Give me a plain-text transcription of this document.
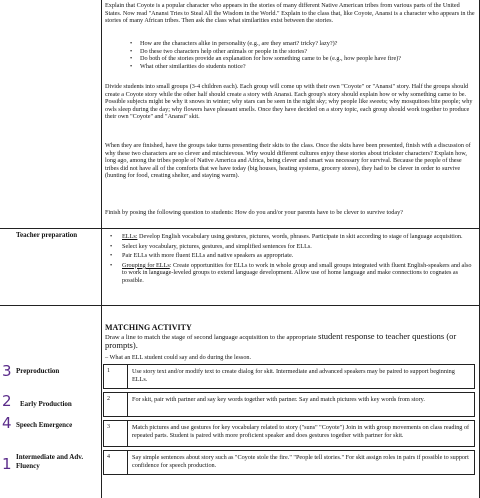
Explain that Coyote is a popular character who appears in the stories of many different Native American tribes from various parts of the United States. Now read "Anansi Tries to Steal All the Wisdom in the World." Explain to the class that, like Coyote, Anansi is a character who appears in the stories of many African tribes. Then ask the class what similarities exist between the stories.
• How are the characters alike in personality (e.g., are they smart? tricky? lazy?)?
• Do these two characters help other animals or people in the stories?
• Do both of the stories provide an explanation for how something came to be (e.g., how people have fire)?
• What other similarities do students notice?
Divide students into small groups (3-4 children each). Each group will come up with their own "Coyote" or "Anansi" story. Half the groups should create a Coyote story while the other half should create a story with Anansi. Each group's story should explain how or why something came to be. Possible subjects might be why it snows in winter; why stars can be seen in the night sky; why people like sweets; why mosquitoes bite people; why owls sleep during the day; why flowers have pleasant smells. Once they have decided on a story topic, each group should work together to produce their own "Coyote" and "Anansi" skit.
When they are finished, have the groups take turns presenting their skits to the class. Once the skits have been presented, finish with a discussion of why these two characters are so clever and mischievous. Why would different cultures enjoy these stories about trickster characters? Explain how, long ago, among the tribes people of Native America and Africa, being clever and smart was necessary for survival. Because the people of these tribes did not have all of the comforts that we have today (big houses, heating systems, grocery stores), they had to be clever in order to survive (hunting for food, creating shelter, and staying warm).
Finish by posing the following question to students: How do you and/or your parents have to be clever to survive today?
Teacher preparation
•	ELLs: Develop English vocabulary using gestures, pictures, words, phrases. Participate in skit according to stage of language acquisition.
• Select key vocabulary, pictures, gestures, and simplified sentences for ELLs.
• Pair ELLs with more fluent ELLs and native speakers as appropriate.
• Grouping for ELLs: Create opportunities for ELLs to work in whole group and small groups integrated with fluent English-speakers and also to work in language-leveled groups to extend language development. Allow use of home language and make connections to cognates as possible.
MATCHING ACTIVITY
Draw a line to match the stage of second language acquisition to the appropriate student response to teacher questions (or prompts).
– What an ELL student could say and do during the lesson.
3 Preproduction
2 Early Production
4 Speech Emergence
1 Intermediate and Adv. Fluency
1	Use story text and/or modify text to create dialog for skit. Intermediate and advanced speakers may be paired to support beginning ELLs.
2	For skit, pair with partner and say key words together with partner. Say and match pictures with key words from story.
3	Match pictures and use gestures for key vocabulary related to story ("suns" "Coyote") Join in with group movements on class reading of repeated parts. Student is paired with more proficient speaker and does gestures together with partner for skit.
4	Say simple sentences about story such as "Coyote stole the fire." "People tell stories." For skit assign roles in pairs if possible to support confidence for speech production.
